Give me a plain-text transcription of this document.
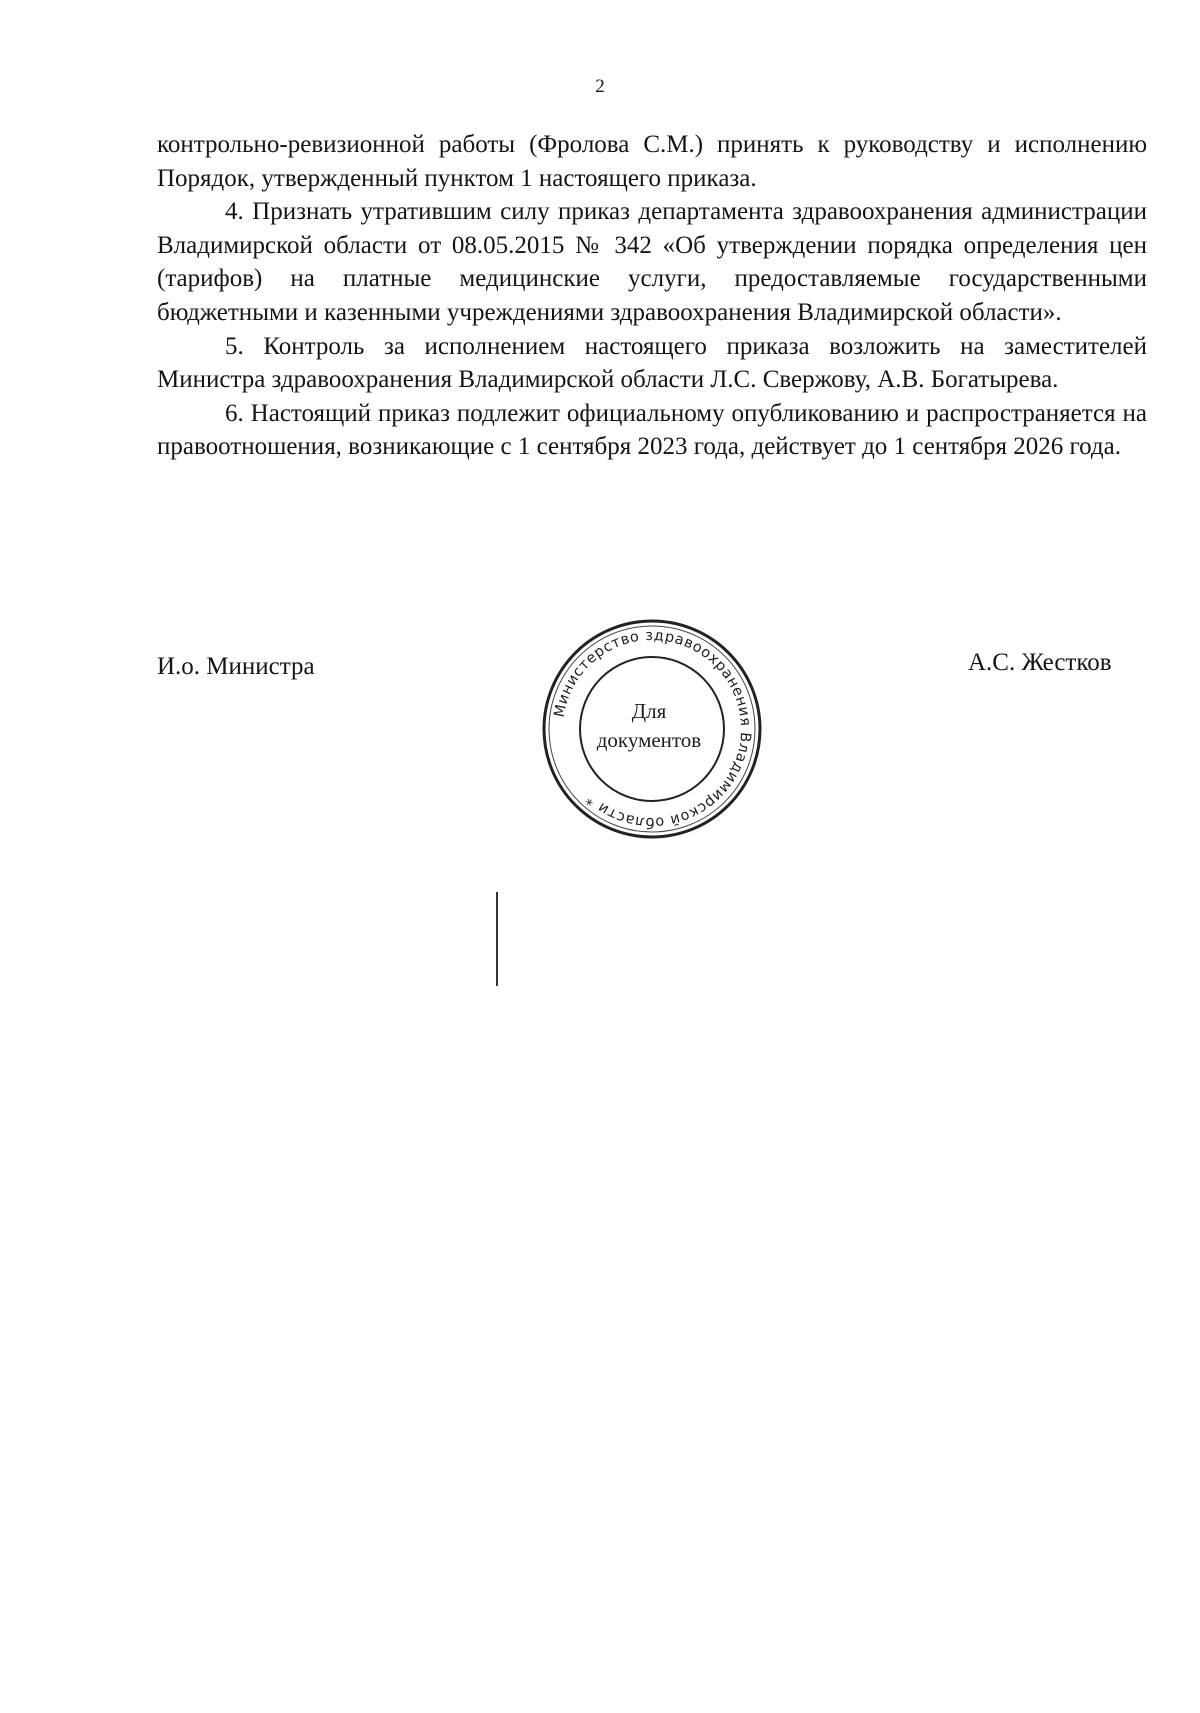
2

контрольно-ревизионной работы (Фролова С.М.) принять к руководству и исполнению Порядок, утвержденный пунктом 1 настоящего приказа.

4. Признать утратившим силу приказ департамента здравоохранения администрации Владимирской области от 08.05.2015 № 342 «Об утверждении порядка определения цен (тарифов) на платные медицинские услуги, предоставляемые государственными бюджетными и казенными учреждениями здравоохранения Владимирской области».

5. Контроль за исполнением настоящего приказа возложить на заместителей Министра здравоохранения Владимирской области Л.С. Свержову, А.В. Богатырева.

6. Настоящий приказ подлежит официальному опубликованию и распространяется на правоотношения, возникающие с 1 сентября 2023 года, действует до 1 сентября 2026 года.

И.о. Министра	А.С. Жестков
Министерство здравоохранения Владимирской области *
Для
документов
